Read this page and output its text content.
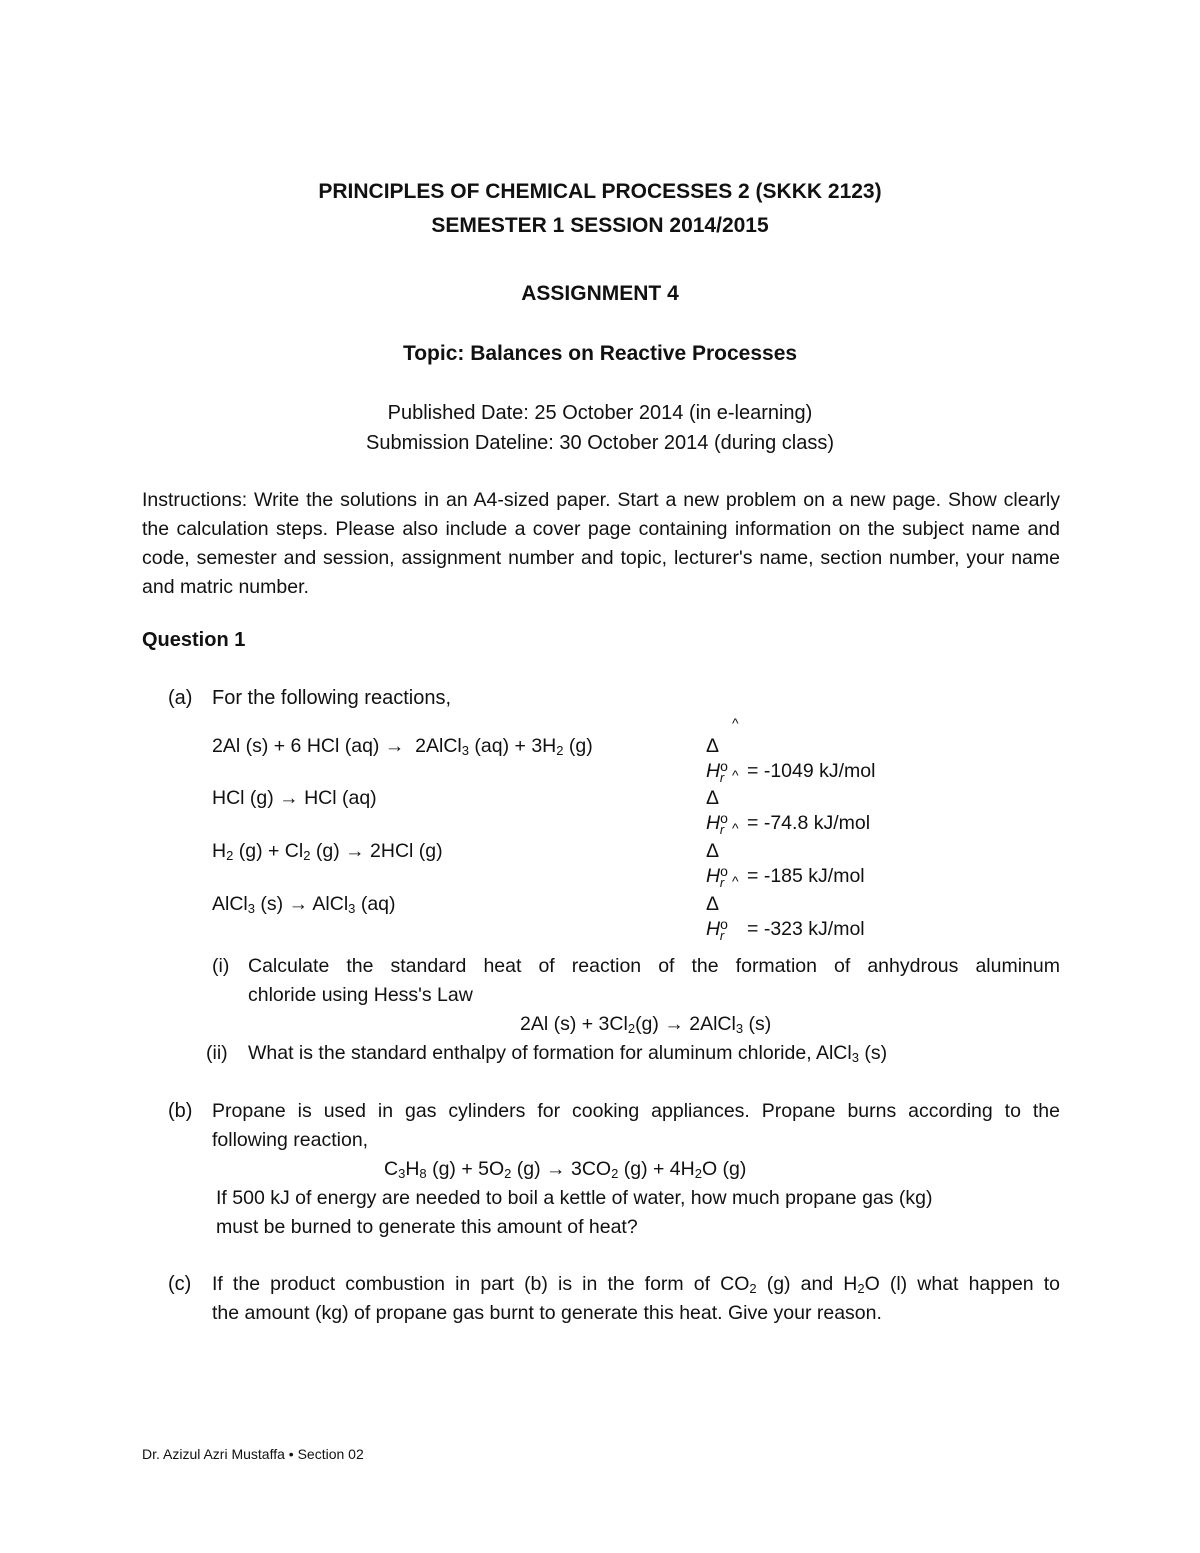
PRINCIPLES OF CHEMICAL PROCESSES 2 (SKKK 2123)
SEMESTER 1 SESSION 2014/2015
ASSIGNMENT 4
Topic: Balances on Reactive Processes
Published Date: 25 October 2014 (in e-learning)
Submission Dateline: 30 October 2014 (during class)
Instructions: Write the solutions in an A4-sized paper. Start a new problem on a new page. Show clearly the calculation steps. Please also include a cover page containing information on the subject name and code, semester and session, assignment number and topic, lecturer's name, section number, your name and matric number.
Question 1
(a) For the following reactions,
2Al (s) + 6 HCl (aq) →  2AlCl$_3$ $(aq) + 3H_2$ (g)	Δ $H^o_r$
^
= -1049 kJ/mol
HCl (g) → HCl (aq)	Δ $H^o_r$
^
= -74.8 kJ/mol
$H_2$ $(g) + Cl_2$ (g) → 2HCl (g)	Δ $H^o_r$
^
= -185 kJ/mol
AlCl$_3$ (s) → AlCl$_3$ (aq)	Δ $H^o_r$
^
= -323 kJ/mol
(i) Calculate the standard heat of reaction of the formation of anhydrous aluminum
chloride using Hess's Law
2Al $(s) + 3Cl_2(g)$ → 2AlCl$_3$ (s)
(ii) What is the standard enthalpy of formation for aluminum chloride, AlCl$_3$ (s)
(b) Propane is used in gas cylinders for cooking appliances. Propane burns according to the
following reaction,
$C_3H_8$ $(g) + 5O_2$ $(g) \to 3CO_2$ $(g) + 4H_2O$ (g)
If 500 kJ of energy are needed to boil a kettle of water, how much propane gas (kg)
must be burned to generate this amount of heat?
(c) If the product combustion in part (b) is in the form of $CO_2$ (g) and $H_2O$ (l) what happen to
the amount (kg) of propane gas burnt to generate this heat. Give your reason.
Dr. Azizul Azri Mustaffa • Section 02
